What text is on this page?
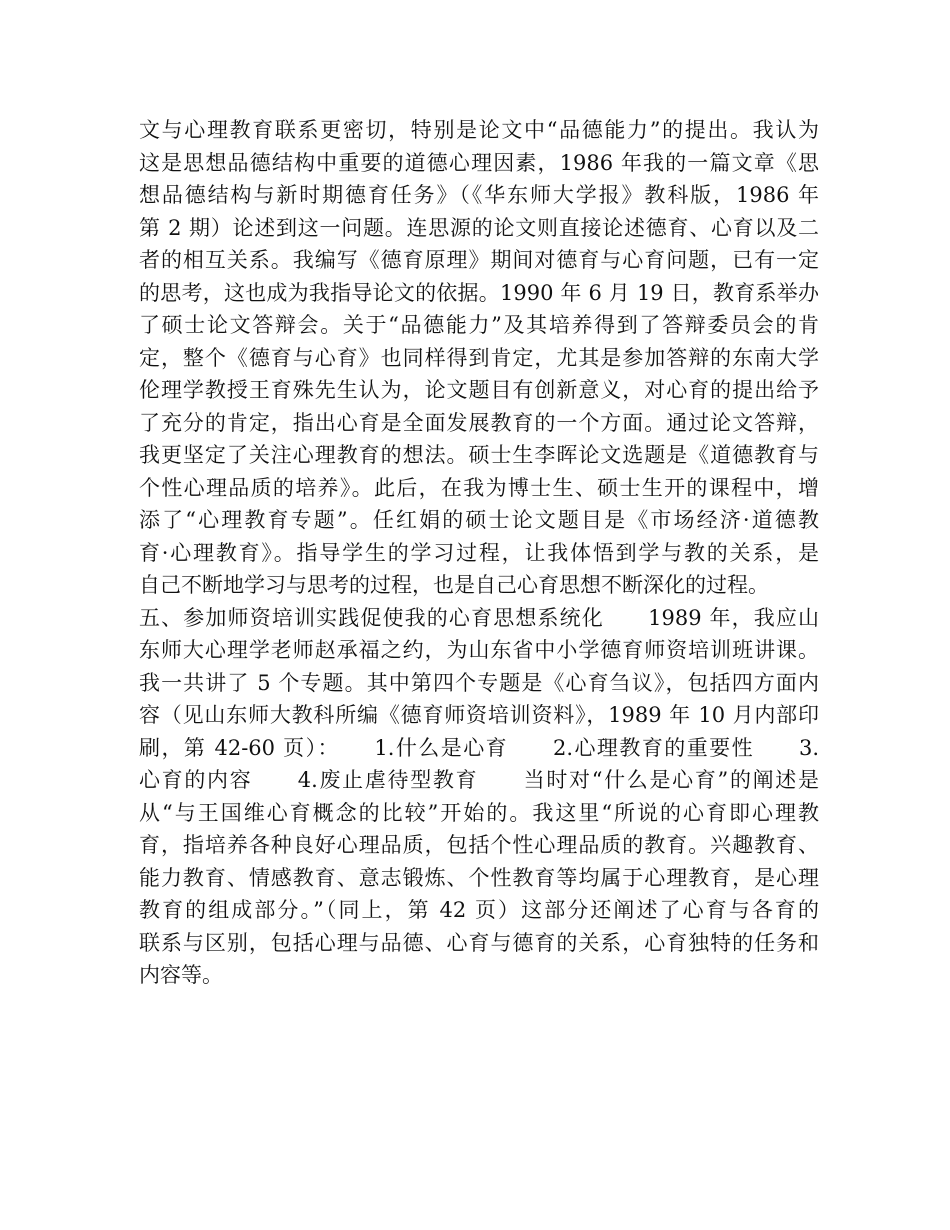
文与心理教育联系更密切，特别是论文中“品德能力”的提出。我认为
这是思想品德结构中重要的道德心理因素，1986 年我的一篇文章《思
想品德结构与新时期德育任务》（《华东师大学报》教科版，1986 年
第 2 期）论述到这一问题。连思源的论文则直接论述德育、心育以及二
者的相互关系。我编写《德育原理》期间对德育与心育问题，已有一定
的思考，这也成为我指导论文的依据。1990 年 6 月 19 日，教育系举办
了硕士论文答辩会。关于“品德能力”及其培养得到了答辩委员会的肯
定，整个《德育与心育》也同样得到肯定，尤其是参加答辩的东南大学
伦理学教授王育殊先生认为，论文题目有创新意义，对心育的提出给予
了充分的肯定，指出心育是全面发展教育的一个方面。通过论文答辩，
我更坚定了关注心理教育的想法。硕士生李晖论文选题是《道德教育与
个性心理品质的培养》。此后，在我为博士生、硕士生开的课程中，增
添了“心理教育专题”。任红娟的硕士论文题目是《市场经济·道德教
育·心理教育》。指导学生的学习过程，让我体悟到学与教的关系，是
自己不断地学习与思考的过程，也是自己心育思想不断深化的过程。
五、参加师资培训实践促使我的心育思想系统化　　1989 年，我应山
东师大心理学老师赵承福之约，为山东省中小学德育师资培训班讲课。
我一共讲了 5 个专题。其中第四个专题是《心育刍议》，包括四方面内
容（见山东师大教科所编《德育师资培训资料》，1989 年 10 月内部印
刷，第 42-60 页）：　　1.什么是心育　　2.心理教育的重要性　　3.
心育的内容　　4.废止虐待型教育　　当时对“什么是心育”的阐述是
从“与王国维心育概念的比较”开始的。我这里“所说的心育即心理教
育，指培养各种良好心理品质，包括个性心理品质的教育。兴趣教育、
能力教育、情感教育、意志锻炼、个性教育等均属于心理教育，是心理
教育的组成部分。”（同上，第 42 页）这部分还阐述了心育与各育的
联系与区别，包括心理与品德、心育与德育的关系，心育独特的任务和
内容等。
